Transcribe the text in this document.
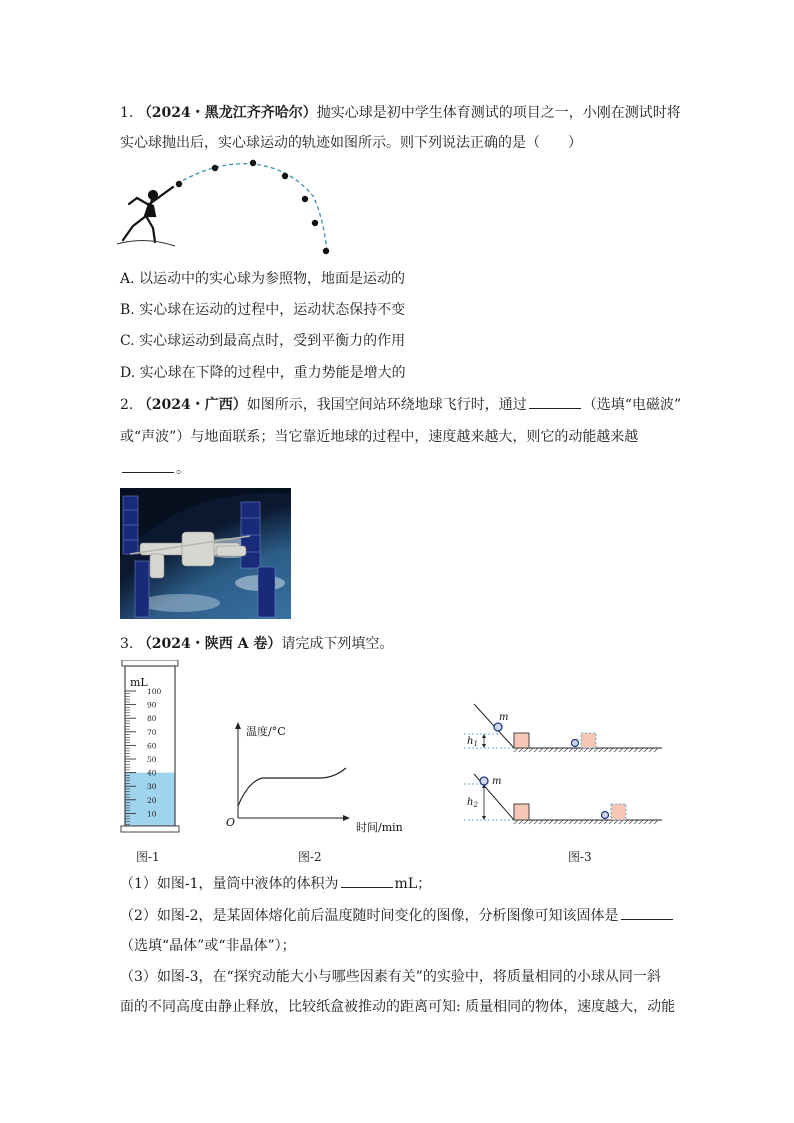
1. （2024・黑龙江齐齐哈尔）抛实心球是初中学生体育测试的项目之一，小刚在测试时将
实心球抛出后，实心球运动的轨迹如图所示。则下列说法正确的是（　　）
A. 以运动中的实心球为参照物，地面是运动的
B. 实心球在运动的过程中，运动状态保持不变
C. 实心球运动到最高点时，受到平衡力的作用
D. 实心球在下降的过程中，重力势能是增大的
2. （2024・广西）如图所示，我国空间站环绕地球飞行时，通过	（选填“电磁波”
或“声波”）与地面联系；当它靠近地球的过程中，速度越来越大，则它的动能越来越
。
3. （2024・陕西 A 卷）请完成下列填空。
mL
100
90
80
70
60
50
40
30
20
10
温度/°C
O	时间/min
m
$h_1$
m
$h_2$
图-1	图-2	图-3
（1）如图-1，量筒中液体的体积为	mL；
（2）如图-2，是某固体熔化前后温度随时间变化的图像，分析图像可知该固体是
（选填“晶体”或“非晶体”）；
（3）如图-3，在“探究动能大小与哪些因素有关”的实验中，将质量相同的小球从同一斜
面的不同高度由静止释放，比较纸盒被推动的距离可知: 质量相同的物体，速度越大，动能
